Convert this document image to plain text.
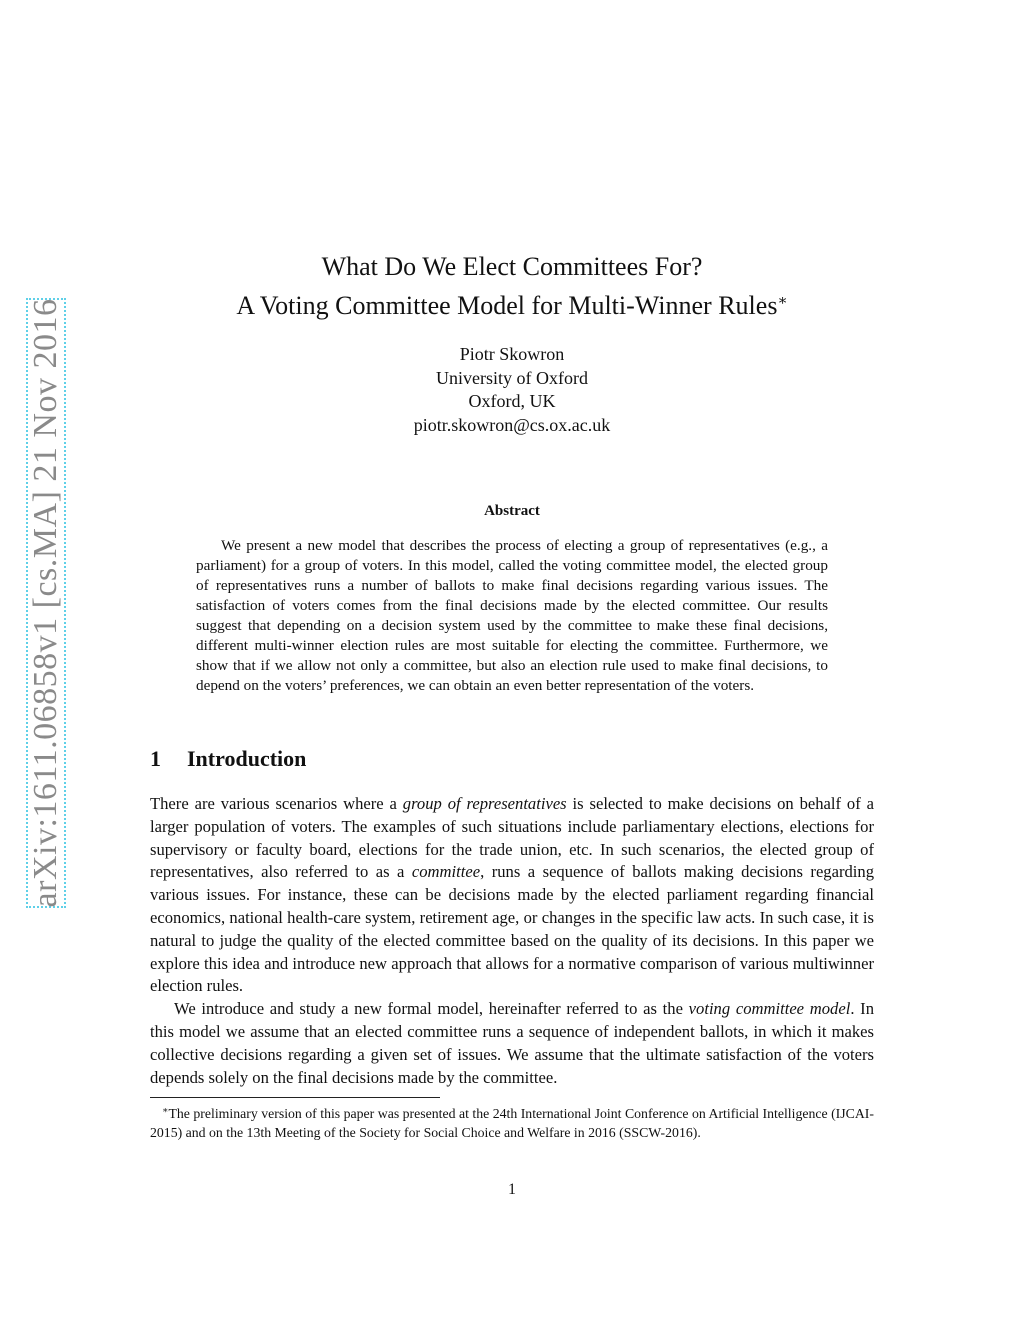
arXiv:1611.06858v1 [cs.MA] 21 Nov 2016
What Do We Elect Committees For?
A Voting Committee Model for Multi-Winner Rules∗
Piotr Skowron
University of Oxford
Oxford, UK
piotr.skowron@cs.ox.ac.uk
Abstract

We present a new model that describes the process of electing a group of representatives (e.g., a parliament) for a group of voters. In this model, called the voting committee model, the elected group of representatives runs a number of ballots to make final decisions regarding various issues. The satisfaction of voters comes from the final decisions made by the elected committee. Our results suggest that depending on a decision system used by the committee to make these final decisions, different multi-winner election rules are most suitable for electing the committee. Furthermore, we show that if we allow not only a committee, but also an election rule used to make final decisions, to depend on the voters’ preferences, we can obtain an even better representation of the voters.

1 Introduction

There are various scenarios where a group of representatives is selected to make decisions on behalf of a larger population of voters. The examples of such situations include parliamentary elections, elections for supervisory or faculty board, elections for the trade union, etc. In such scenarios, the elected group of representatives, also referred to as a committee, runs a sequence of ballots making decisions regarding various issues. For instance, these can be decisions made by the elected parliament regarding financial economics, national health-care system, retirement age, or changes in the specific law acts. In such case, it is natural to judge the quality of the elected committee based on the quality of its decisions. In this paper we explore this idea and introduce new approach that allows for a normative comparison of various multiwinner election rules.

We introduce and study a new formal model, hereinafter referred to as the voting committee model. In this model we assume that an elected committee runs a sequence of independent ballots, in which it makes collective decisions regarding a given set of issues. We assume that the ultimate satisfaction of the voters depends solely on the final decisions made by the committee.

∗The preliminary version of this paper was presented at the 24th International Joint Conference on Artificial Intelligence (IJCAI-2015) and on the 13th Meeting of the Society for Social Choice and Welfare in 2016 (SSCW-2016).

1
